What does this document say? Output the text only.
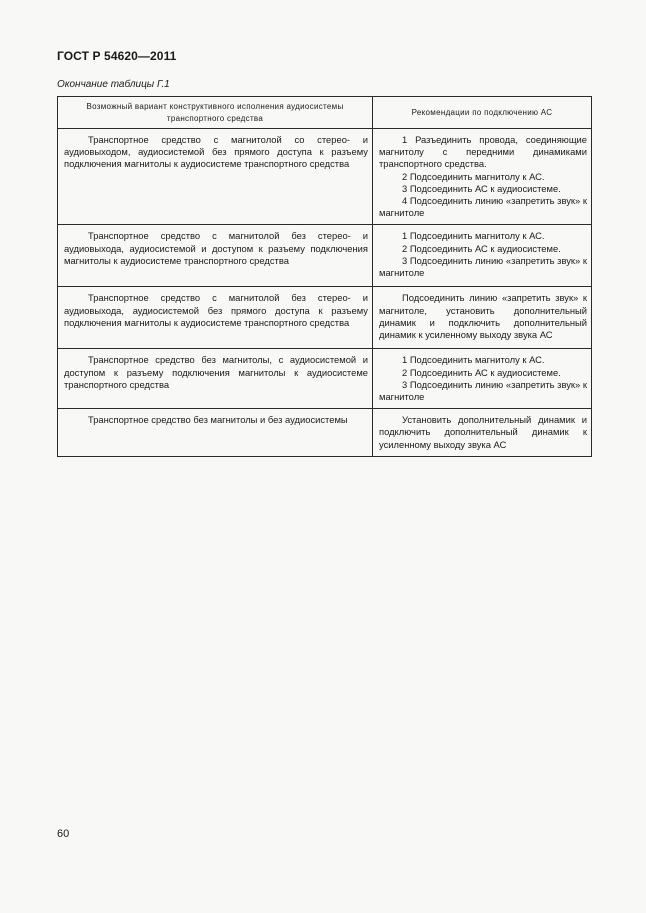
ГОСТ Р 54620—2011
Окончание таблицы Г.1
Возможный вариант конструктивного исполнения аудиосистемы транспортного средства	Рекомендации по подключению АС

Транспортное средство с магнитолой со стерео- и аудиовыходом, аудиосистемой без прямого доступа к разъему подключения магнитолы к аудиосистеме транспортного средства	1 Разъединить провода, соединяющие магнитолу с передними динамиками транспортного средства.
2 Подсоединить магнитолу к АС.
3 Подсоединить АС к аудиосистеме.
4 Подсоединить линию «запретить звук» к магнитоле

Транспортное средство с магнитолой без стерео- и аудиовыхода, аудиосистемой и доступом к разъему подключения магнитолы к аудиосистеме транспортного средства	1 Подсоединить магнитолу к АС.
2 Подсоединить АС к аудиосистеме.
3 Подсоединить линию «запретить звук» к магнитоле

Транспортное средство с магнитолой без стерео- и аудиовыхода, аудиосистемой без прямого доступа к разъему подключения магнитолы к аудиосистеме транспортного средства	Подсоединить линию «запретить звук» к магнитоле, установить дополнительный динамик и подключить дополнительный динамик к усиленному выходу звука АС

Транспортное средство без магнитолы, с аудиосистемой и доступом к разъему подключения магнитолы к аудиосистеме транспортного средства	1 Подсоединить магнитолу к АС.
2 Подсоединить АС к аудиосистеме.
3 Подсоединить линию «запретить звук» к магнитоле

Транспортное средство без магнитолы и без аудиосистемы	Установить дополнительный динамик и подключить дополнительный динамик к усиленному выходу звука АС
60
